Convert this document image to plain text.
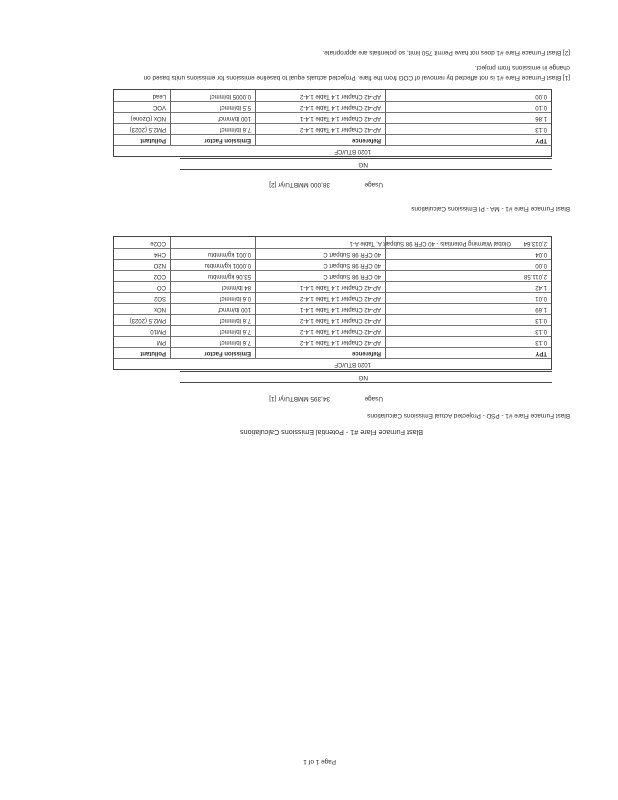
Blast Furnace Flare #1 - Potential Emissions Calculations
Blast Furnace Flare #1 - PSD - Projected Actual Emissions Calculations
Usage
34,395 MMBTU/yr [1]
NG
1020 BTU/CF
TPY
Reference
Emission Factor
Pollutant
0.13
AP-42 Chapter 1.4 Table 1.4-2
7.6 lb/mmcf
PM
0.13
AP-42 Chapter 1.4 Table 1.4-2
7.6 lb/mmcf
PM10
0.13
AP-42 Chapter 1.4 Table 1.4-2
7.6 lb/mmcf
PM2.5 (2023)
1.69
AP-42 Chapter 1.4 Table 1.4-1
100 lb/mmcf
NOx
0.01
AP-42 Chapter 1.4 Table 1.4-2
0.6 lb/mmcf
SO2
1.42
AP-42 Chapter 1.4 Table 1.4-1
84 lb/mmcf
CO
2,011.58
40 CFR 98 Subpart C
53.06 kg/mmbtu
CO2
0.00
40 CFR 98 Subpart C
0.0001 kg/mmbtu
N2O
0.04
40 CFR 98 Subpart C
0.001 kg/mmbtu
CH4
2,013.64
Global Warming Potentials - 40 CFR 98 Subpart A, Table A-1
CO2e
Blast Furnace Flare #1 - MA - PI Emissions Calculations
Usage
38,000 MMBTU/yr [2]
NG
1020 BTU/CF
TPY
Reference
Emission Factor
Pollutant
0.13
AP-42 Chapter 1.4 Table 1.4-2
7.6 lb/mmcf
PM2.5 (2023)
1.86
AP-42 Chapter 1.4 Table 1.4-1
100 lb/mmcf
NOx (Ozone)
0.10
AP-42 Chapter 1.4 Table 1.4-2
5.5 lb/mmcf
VOC
0.00
AP-42 Chapter 1.4 Table 1.4-2
0.0005 lb/mmcf
Lead
[1] Blast Furnace Flare #1 is not affected by removal of COG from the flare. Projected actuals equal to baseline emissions for emissions units based on
change in emissions from project.
[2] Blast Furnace Flare #1 does not have Permit 750 limit, so potentials are appropriate.
Page 1 of 1
